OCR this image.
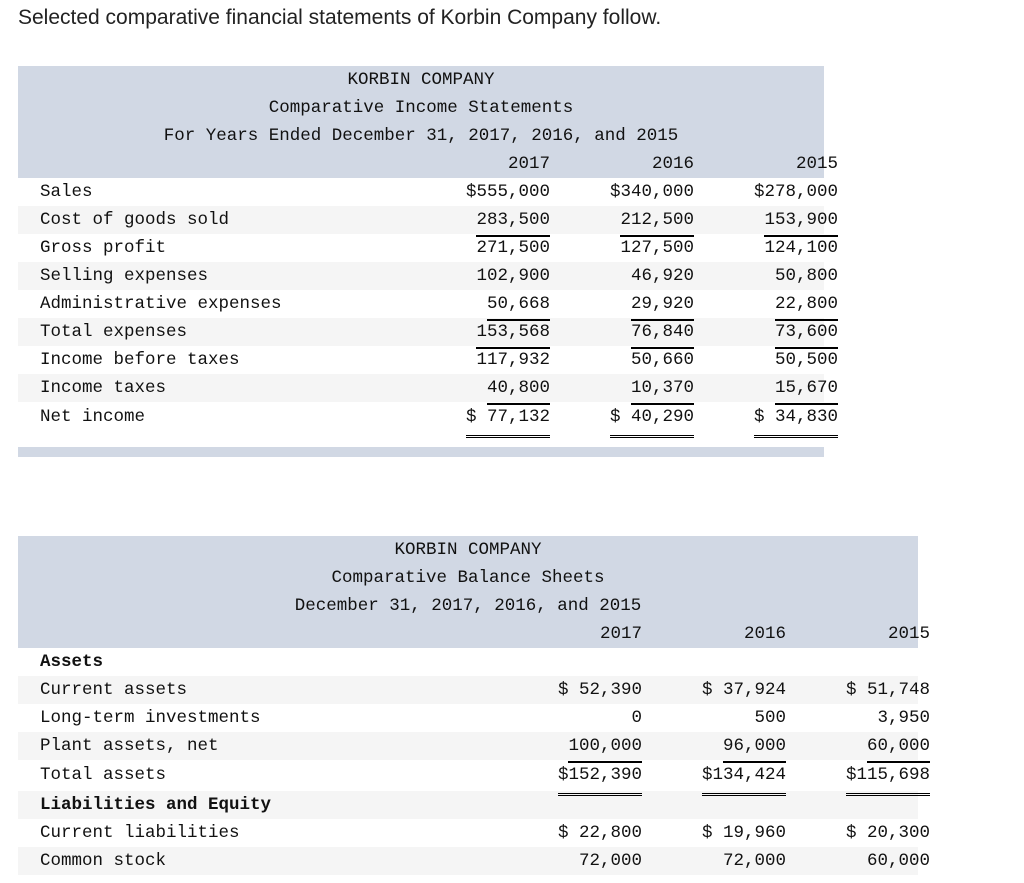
Selected comparative financial statements of Korbin Company follow.
KORBIN COMPANY
Comparative Income Statements
For Years Ended December 31, 2017, 2016, and 2015
2017	2016	2015
Sales	$555,000	$340,000	$278,000
Cost of goods sold	283,500	212,500	153,900
Gross profit	271,500	127,500	124,100
Selling expenses	102,900	46,920	50,800
Administrative expenses	50,668	29,920	22,800
Total expenses	153,568	76,840	73,600
Income before taxes	117,932	50,660	50,500
Income taxes	40,800	10,370	15,670
Net income	$ 77,132	$ 40,290	$ 34,830
KORBIN COMPANY
Comparative Balance Sheets
December 31, 2017, 2016, and 2015
2017	2016	2015
Assets
Current assets	$ 52,390	$ 37,924	$ 51,748
Long-term investments	0	500	3,950
Plant assets, net	100,000	96,000	60,000
Total assets	$152,390	$134,424	$115,698
Liabilities and Equity
Current liabilities	$ 22,800	$ 19,960	$ 20,300
Common stock	72,000	72,000	60,000
